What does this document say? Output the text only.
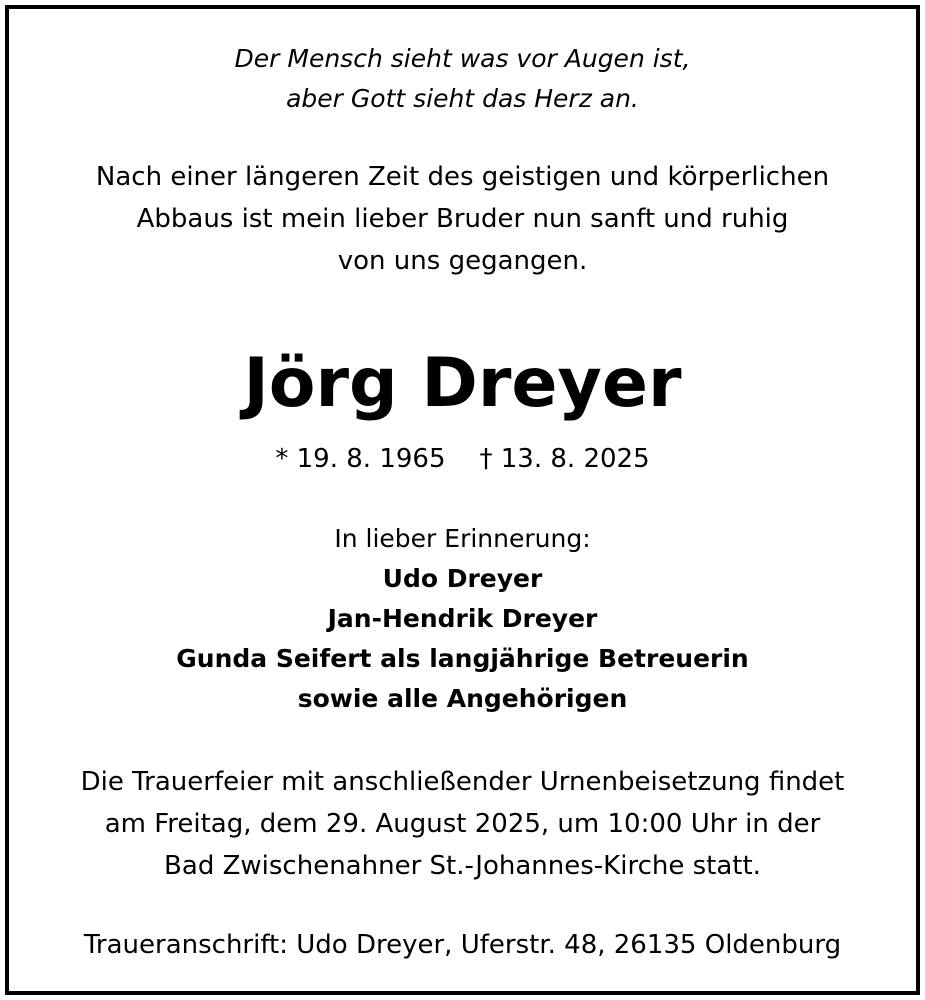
Der Mensch sieht was vor Augen ist,
aber Gott sieht das Herz an.
Nach einer längeren Zeit des geistigen und körperlichen
Abbaus ist mein lieber Bruder nun sanft und ruhig
von uns gegangen.
Jörg Dreyer
* 19. 8. 1965 † 13. 8. 2025
In lieber Erinnerung:
Udo Dreyer
Jan-Hendrik Dreyer
Gunda Seifert als langjährige Betreuerin
sowie alle Angehörigen
Die Trauerfeier mit anschließender Urnenbeisetzung findet
am Freitag, dem 29. August 2025, um 10:00 Uhr in der
Bad Zwischenahner St.-Johannes-Kirche statt.
Traueranschrift: Udo Dreyer, Uferstr. 48, 26135 Oldenburg
